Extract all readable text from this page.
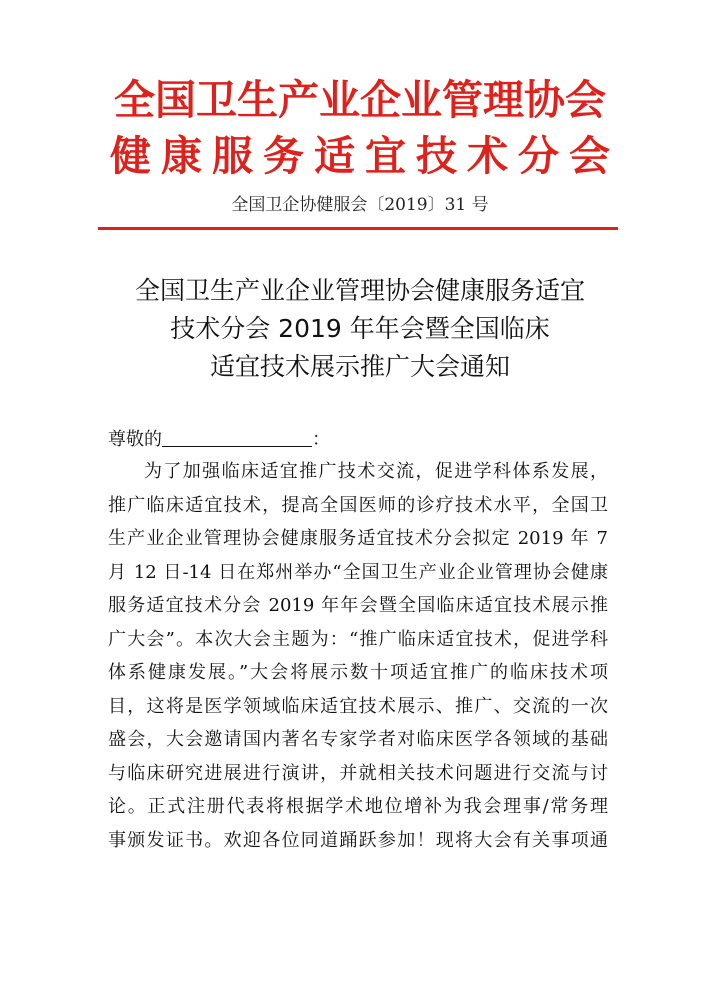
全国卫生产业企业管理协会
健康服务适宜技术分会
全国卫企协健服会〔2019〕31 号
全国卫生产业企业管理协会健康服务适宜
技术分会 2019 年年会暨全国临床
适宜技术展示推广大会通知
尊敬的	：
为了加强临床适宜推广技术交流，促进学科体系发展，
推广临床适宜技术，提高全国医师的诊疗技术水平，全国卫
生产业企业管理协会健康服务适宜技术分会拟定 2019 年 7
月 12 日-14 日在郑州举办“全国卫生产业企业管理协会健康
服务适宜技术分会 2019 年年会暨全国临床适宜技术展示推
广大会”。本次大会主题为：“推广临床适宜技术，促进学科
体系健康发展。”大会将展示数十项适宜推广的临床技术项
目，这将是医学领域临床适宜技术展示、推广、交流的一次
盛会，大会邀请国内著名专家学者对临床医学各领域的基础
与临床研究进展进行演讲，并就相关技术问题进行交流与讨
论。正式注册代表将根据学术地位增补为我会理事/常务理
事颁发证书。欢迎各位同道踊跃参加！现将大会有关事项通
